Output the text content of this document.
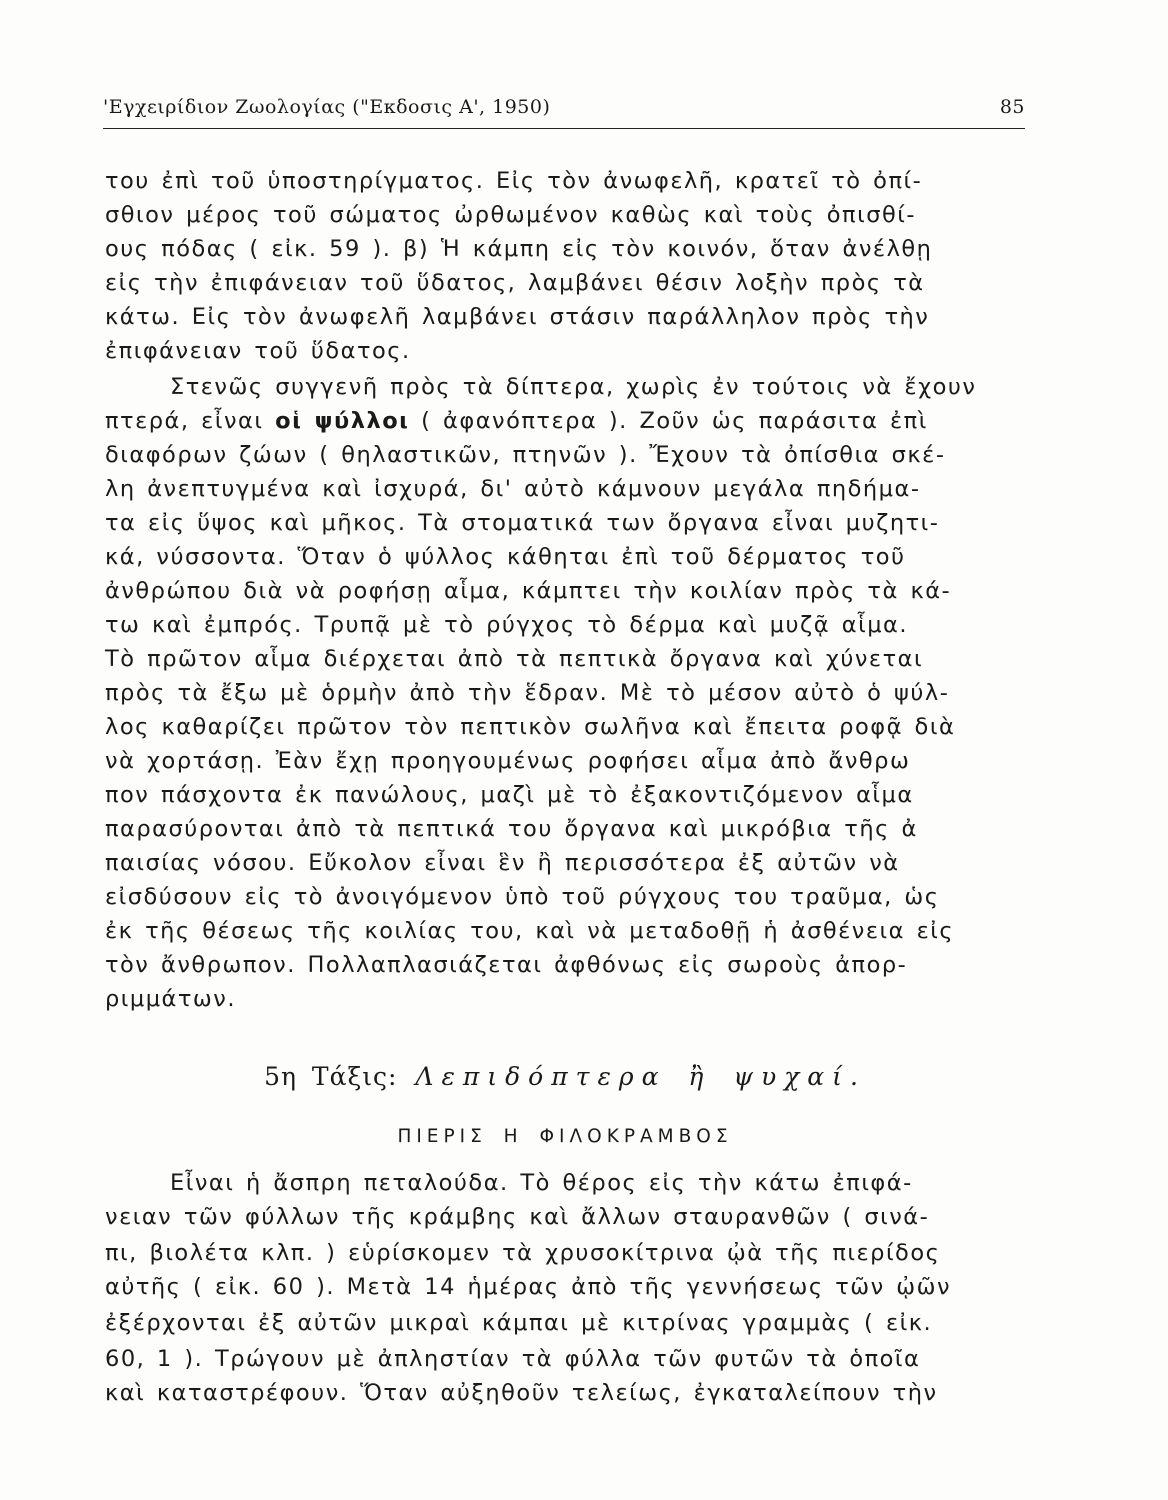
'Εγχειρίδιον Ζωολογίας ("Εκδοσις Α', 1950)	85
του ἐπὶ τοῦ ὑποστηρίγματος. Εἰς τὸν ἀνωφελῆ, κρατεῖ τὸ ὀπί-
σθιον μέρος τοῦ σώματος ὠρθωμένον καθὼς καὶ τοὺς ὀπισθί-
ους πόδας ( εἰκ. 59 ). β) Ἡ κάμπη εἰς τὸν κοινόν, ὅταν ἀνέλθῃ
εἰς τὴν ἐπιφάνειαν τοῦ ὕδατος, λαμβάνει θέσιν λοξὴν πρὸς τὰ
κάτω. Εἰς τὸν ἀνωφελῆ λαμβάνει στάσιν παράλληλον πρὸς τὴν
ἐπιφάνειαν τοῦ ὕδατος.
Στενῶς συγγενῆ πρὸς τὰ δίπτερα, χωρὶς ἐν τούτοις νὰ ἔχουν
πτερά, εἶναι οἱ ψύλλοι ( ἀφανόπτερα ). Ζοῦν ὡς παράσιτα ἐπὶ
διαφόρων ζώων ( θηλαστικῶν, πτηνῶν ). Ἔχουν τὰ ὀπίσθια σκέ-
λη ἀνεπτυγμένα καὶ ἰσχυρά, δι' αὐτὸ κάμνουν μεγάλα πηδήμα-
τα εἰς ὕψος καὶ μῆκος. Τὰ στοματικά των ὄργανα εἶναι μυζητι-
κά, νύσσοντα. Ὅταν ὁ ψύλλος κάθηται ἐπὶ τοῦ δέρματος τοῦ
ἀνθρώπου διὰ νὰ ροφήσῃ αἷμα, κάμπτει τὴν κοιλίαν πρὸς τὰ κά-
τω καὶ ἐμπρός. Τρυπᾷ μὲ τὸ ρύγχος τὸ δέρμα καὶ μυζᾷ αἷμα.
Τὸ πρῶτον αἷμα διέρχεται ἀπὸ τὰ πεπτικὰ ὄργανα καὶ χύνεται
πρὸς τὰ ἔξω μὲ ὁρμὴν ἀπὸ τὴν ἕδραν. Μὲ τὸ μέσον αὐτὸ ὁ ψύλ-
λος καθαρίζει πρῶτον τὸν πεπτικὸν σωλῆνα καὶ ἔπειτα ροφᾷ διὰ
νὰ χορτάσῃ. Ἐὰν ἔχῃ προηγουμένως ροφήσει αἷμα ἀπὸ ἄνθρω
πον πάσχοντα ἐκ πανώλους, μαζὶ μὲ τὸ ἐξακοντιζόμενον αἷμα
παρασύρονται ἀπὸ τὰ πεπτικά του ὄργανα καὶ μικρόβια τῆς ἀ
παισίας νόσου. Εὔκολον εἶναι ἓν ἢ περισσότερα ἐξ αὐτῶν νὰ
εἰσδύσουν εἰς τὸ ἀνοιγόμενον ὑπὸ τοῦ ρύγχους του τραῦμα, ὡς
ἐκ τῆς θέσεως τῆς κοιλίας του, καὶ νὰ μεταδοθῇ ἡ ἀσθένεια εἰς
τὸν ἄνθρωπον. Πολλαπλασιάζεται ἀφθόνως εἰς σωροὺς ἀπορ-
ριμμάτων.
5η Τάξις: Λεπιδόπτερα ἢ ψυχαί.
ΠΙΕΡΙΣ Η ΦΙΛΟΚΡΑΜΒΟΣ
Εἶναι ἡ ἄσπρη πεταλούδα. Τὸ θέρος εἰς τὴν κάτω ἐπιφά-
νειαν τῶν φύλλων τῆς κράμβης καὶ ἄλλων σταυρανθῶν ( σινά-
πι, βιολέτα κλπ. ) εὑρίσκομεν τὰ χρυσοκίτρινα ᾠὰ τῆς πιερίδος
αὐτῆς ( εἰκ. 60 ). Μετὰ 14 ἡμέρας ἀπὸ τῆς γεννήσεως τῶν ᾠῶν
ἐξέρχονται ἐξ αὐτῶν μικραὶ κάμπαι μὲ κιτρίνας γραμμὰς ( εἰκ.
60, 1 ). Τρώγουν μὲ ἀπληστίαν τὰ φύλλα τῶν φυτῶν τὰ ὁποῖα
καὶ καταστρέφουν. Ὅταν αὐξηθοῦν τελείως, ἐγκαταλείπουν τὴν
